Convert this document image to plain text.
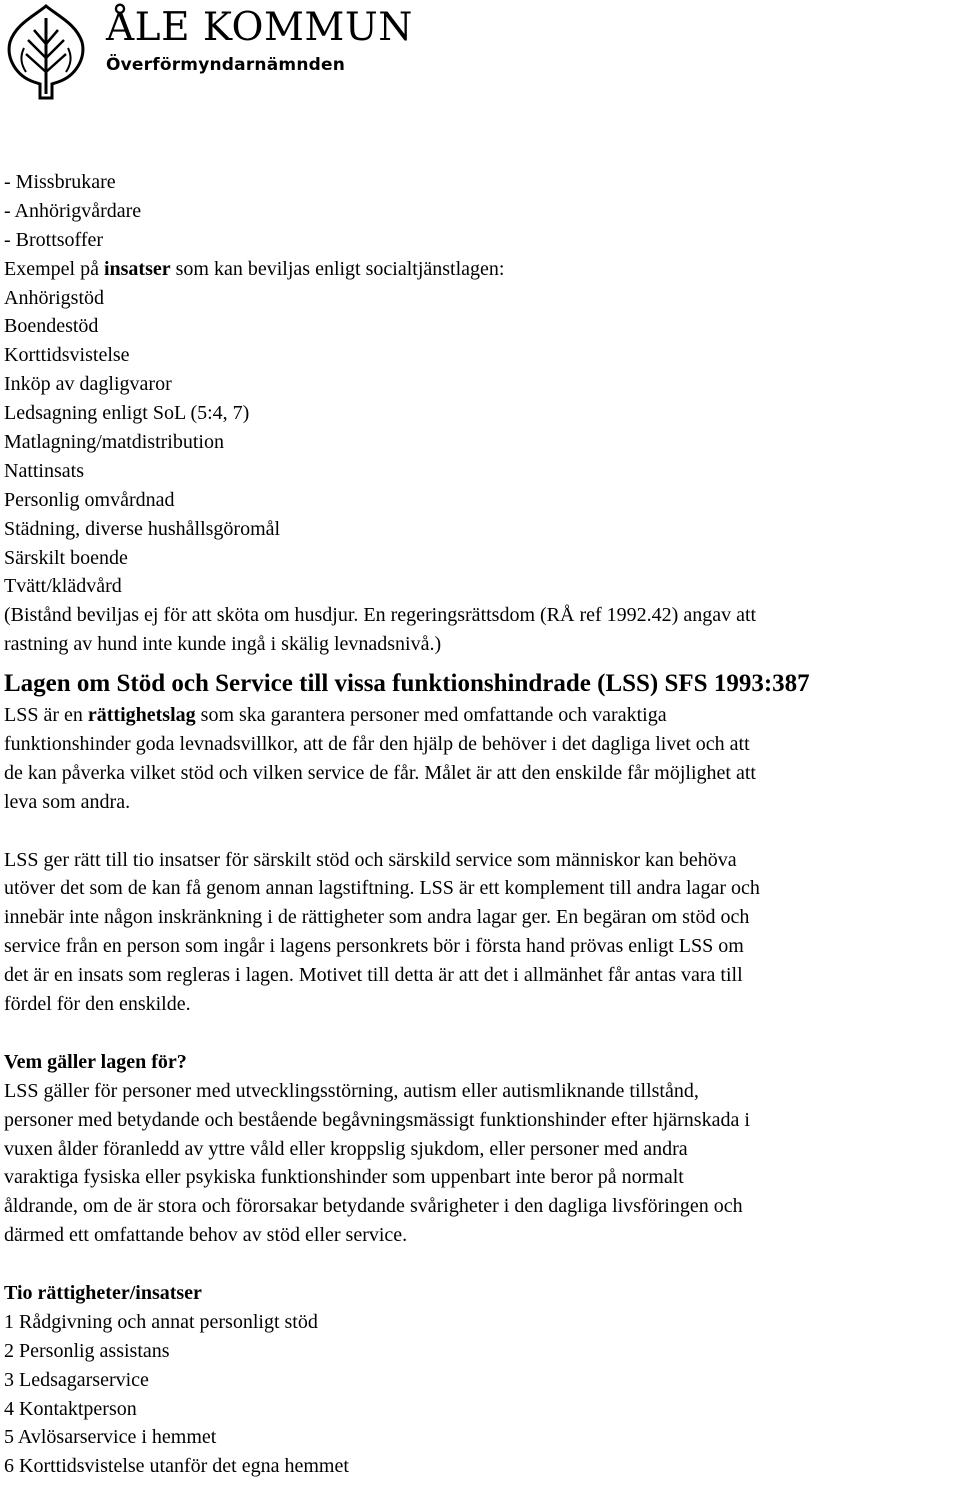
ÅLE KOMMUN
Överförmyndarnämnden
- Missbrukare
- Anhörigvårdare
- Brottsoffer
Exempel på insatser som kan beviljas enligt socialtjänstlagen:
Anhörigstöd
Boendestöd
Korttidsvistelse
Inköp av dagligvaror
Ledsagning enligt SoL (5:4, 7)
Matlagning/matdistribution
Nattinsats
Personlig omvårdnad
Städning, diverse hushållsgöromål
Särskilt boende
Tvätt/klädvård
(Bistånd beviljas ej för att sköta om husdjur. En regeringsrättsdom (RÅ ref 1992.42) angav att
rastning av hund inte kunde ingå i skälig levnadsnivå.)
Lagen om Stöd och Service till vissa funktionshindrade (LSS) SFS 1993:387
LSS är en rättighetslag som ska garantera personer med omfattande och varaktiga
funktionshinder goda levnadsvillkor, att de får den hjälp de behöver i det dagliga livet och att
de kan påverka vilket stöd och vilken service de får. Målet är att den enskilde får möjlighet att
leva som andra.
LSS ger rätt till tio insatser för särskilt stöd och särskild service som människor kan behöva
utöver det som de kan få genom annan lagstiftning. LSS är ett komplement till andra lagar och
innebär inte någon inskränkning i de rättigheter som andra lagar ger. En begäran om stöd och
service från en person som ingår i lagens personkrets bör i första hand prövas enligt LSS om
det är en insats som regleras i lagen. Motivet till detta är att det i allmänhet får antas vara till
fördel för den enskilde.
Vem gäller lagen för?
LSS gäller för personer med utvecklingsstörning, autism eller autismliknande tillstånd,
personer med betydande och bestående begåvningsmässigt funktionshinder efter hjärnskada i
vuxen ålder föranledd av yttre våld eller kroppslig sjukdom, eller personer med andra
varaktiga fysiska eller psykiska funktionshinder som uppenbart inte beror på normalt
åldrande, om de är stora och förorsakar betydande svårigheter i den dagliga livsföringen och
därmed ett omfattande behov av stöd eller service.
Tio rättigheter/insatser
1 Rådgivning och annat personligt stöd
2 Personlig assistans
3 Ledsagarservice
4 Kontaktperson
5 Avlösarservice i hemmet
6 Korttidsvistelse utanför det egna hemmet
